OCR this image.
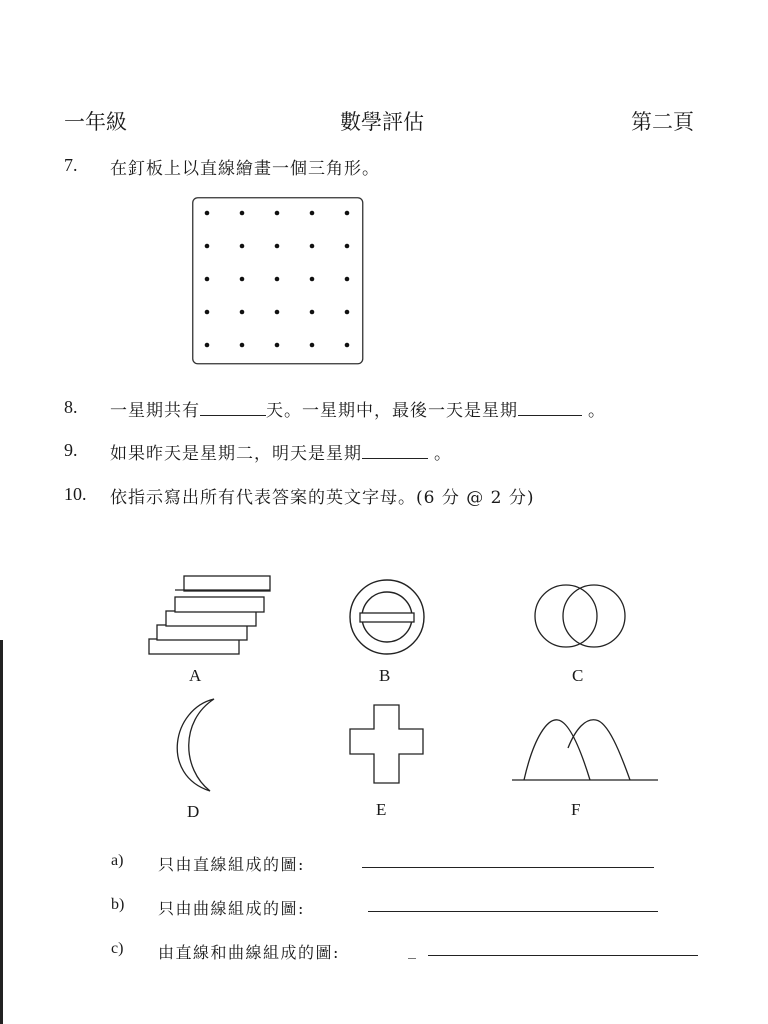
一年級	數學評估	第二頁
7. 在釘板上以直線繪畫一個三角形。
8. 一星期共有	天。一星期中，最後一天是星期	。
9. 如果昨天是星期二，明天是星期	。
10. 依指示寫出所有代表答案的英文字母。(6 分 @ 2 分)
A	B	C
D	E	F
a) 只由直線組成的圖:
b) 只由曲線組成的圖:
c) 由直線和曲線組成的圖:	_
